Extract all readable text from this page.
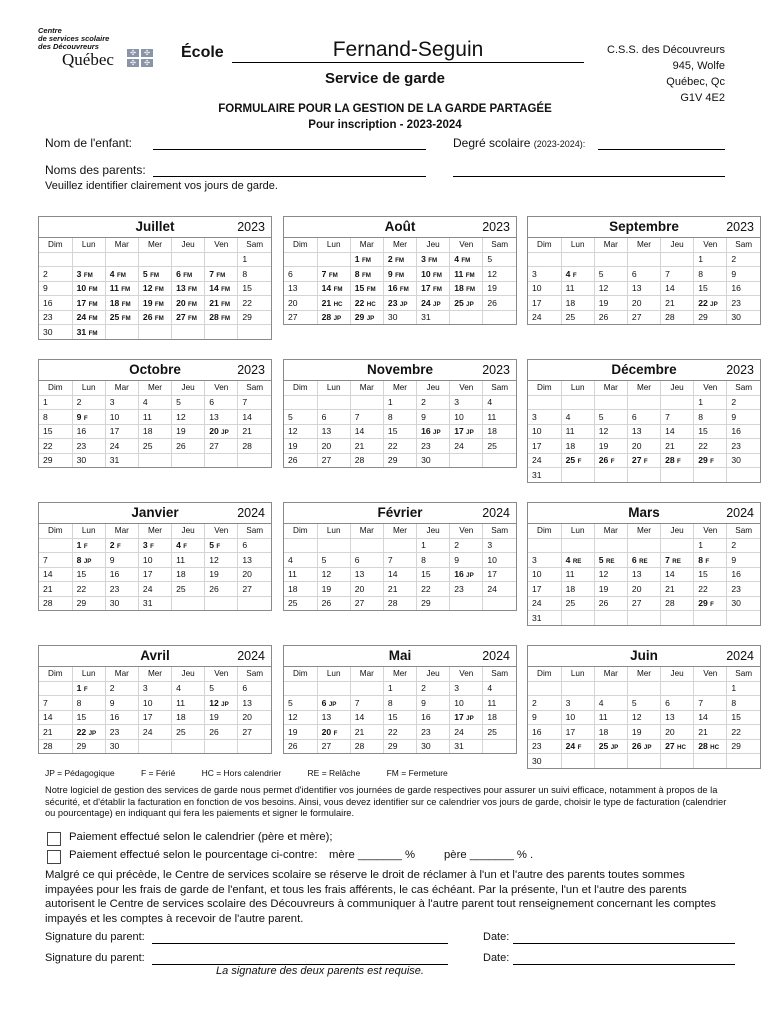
Centre
de services scolaire
des Découvreurs
Québec	✣	✣
✣	✣
École	Fernand-Seguin
Service de garde
C.S.S. des Découvreurs
945, Wolfe
Québec, Qc
G1V 4E2
FORMULAIRE POUR LA GESTION DE LA GARDE PARTAGÉE
Pour inscription - 2023-2024
Nom de l'enfant:	Degré scolaire (2023-2024):
Noms des parents:
Veuillez identifier clairement vos jours de garde.
Juillet	2023
Dim	Lun	Mar	Mer	Jeu	Ven	Sam
						1
2	3 FM	4 FM	5 FM	6 FM	7 FM	8
9	10 FM	11 FM	12 FM	13 FM	14 FM	15
16	17 FM	18 FM	19 FM	20 FM	21 FM	22
23	24 FM	25 FM	26 FM	27 FM	28 FM	29
30	31 FM					
Août	2023
Dim	Lun	Mar	Mer	Jeu	Ven	Sam
		1 FM	2 FM	3 FM	4 FM	5
6	7 FM	8 FM	9 FM	10 FM	11 FM	12
13	14 FM	15 FM	16 FM	17 FM	18 FM	19
20	21 HC	22 HC	23 JP	24 JP	25 JP	26
27	28 JP	29 JP	30	31		
Septembre	2023
Dim	Lun	Mar	Mer	Jeu	Ven	Sam
					1	2
3	4 F	5	6	7	8	9
10	11	12	13	14	15	16
17	18	19	20	21	22 JP	23
24	25	26	27	28	29	30
Octobre	2023
Dim	Lun	Mar	Mer	Jeu	Ven	Sam
1	2	3	4	5	6	7
8	9 F	10	11	12	13	14
15	16	17	18	19	20 JP	21
22	23	24	25	26	27	28
29	30	31				
Novembre	2023
Dim	Lun	Mar	Mer	Jeu	Ven	Sam
			1	2	3	4
5	6	7	8	9	10	11
12	13	14	15	16 JP	17 JP	18
19	20	21	22	23	24	25
26	27	28	29	30		
Décembre	2023
Dim	Lun	Mar	Mer	Jeu	Ven	Sam
					1	2
3	4	5	6	7	8	9
10	11	12	13	14	15	16
17	18	19	20	21	22	23
24	25 F	26 F	27 F	28 F	29 F	30
31						
Janvier	2024
Dim	Lun	Mar	Mer	Jeu	Ven	Sam
	1 F	2 F	3 F	4 F	5 F	6
7	8 JP	9	10	11	12	13
14	15	16	17	18	19	20
21	22	23	24	25	26	27
28	29	30	31			
Février	2024
Dim	Lun	Mar	Mer	Jeu	Ven	Sam
				1	2	3
4	5	6	7	8	9	10
11	12	13	14	15	16 JP	17
18	19	20	21	22	23	24
25	26	27	28	29		
Mars	2024
Dim	Lun	Mar	Mer	Jeu	Ven	Sam
					1	2
3	4 RE	5 RE	6 RE	7 RE	8 F	9
10	11	12	13	14	15	16
17	18	19	20	21	22	23
24	25	26	27	28	29 F	30
31						
Avril	2024
Dim	Lun	Mar	Mer	Jeu	Ven	Sam
	1 F	2	3	4	5	6
7	8	9	10	11	12 JP	13
14	15	16	17	18	19	20
21	22 JP	23	24	25	26	27
28	29	30				
Mai	2024
Dim	Lun	Mar	Mer	Jeu	Ven	Sam
			1	2	3	4
5	6 JP	7	8	9	10	11
12	13	14	15	16	17 JP	18
19	20 F	21	22	23	24	25
26	27	28	29	30	31	
Juin	2024
Dim	Lun	Mar	Mer	Jeu	Ven	Sam
						1
2	3	4	5	6	7	8
9	10	11	12	13	14	15
16	17	18	19	20	21	22
23	24 F	25 JP	26 JP	27 HC	28 HC	29
30						
JP = Pédagogique	F = Férié	HC = Hors calendrier	RE = Relâche	FM = Fermeture
Notre logiciel de gestion des services de garde nous permet d'identifier vos journées de garde respectives pour assurer un suivi efficace, notamment à propos de la sécurité, et d'établir la facturation en fonction de vos besoins. Ainsi, vous devez identifier sur ce calendrier vos jours de garde, choisir le type de facturation (calendrier ou pourcentage) en indiquant qui fera les paiements et signer le formulaire.
Paiement effectué selon le calendrier (père et mère);
Paiement effectué selon le pourcentage ci-contre: mère _______ %	père _______ % .
Malgré ce qui précède, le Centre de services scolaire se réserve le droit de réclamer à l'un et l'autre des parents toutes sommes impayées pour les frais de garde de l'enfant, et tous les frais afférents, le cas échéant. Par la présente, l'un et l'autre des parents autorisent le Centre de services scolaire des Découvreurs à communiquer à l'autre parent tout renseignement concernant les comptes impayés et les comptes à recevoir de l'autre parent.
Signature du parent:	Date:
Signature du parent:	Date:
La signature des deux parents est requise.
